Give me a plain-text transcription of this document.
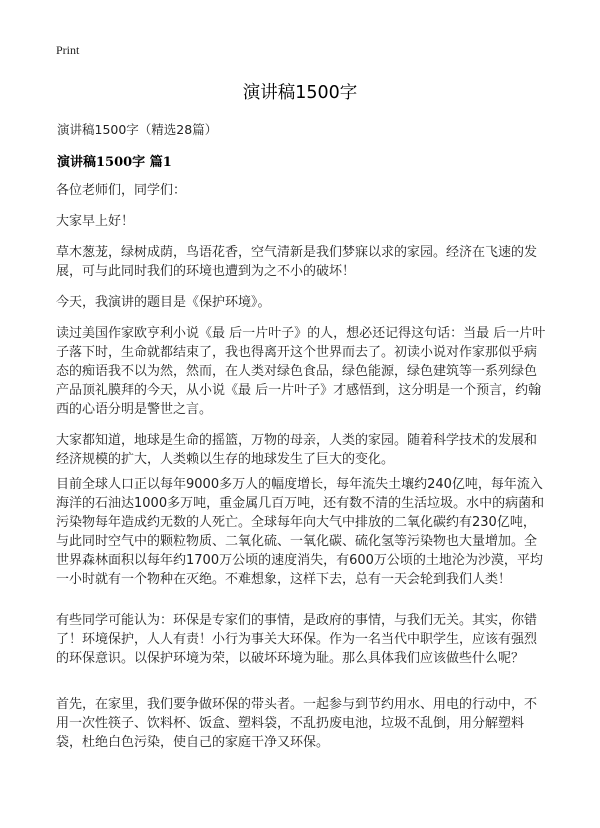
Print
演讲稿1500字
演讲稿1500字（精选28篇）
演讲稿1500字 篇1

各位老师们，同学们：

大家早上好！

草木葱茏，绿树成荫，鸟语花香，空气清新是我们梦寐以求的家园。经济在飞速的发展，可与此同时我们的环境也遭到为之不小的破坏！

今天，我演讲的题目是《保护环境》。

读过美国作家欧亨利小说《最 后一片叶子》的人，想必还记得这句话：当最 后一片叶子落下时，生命就都结束了，我也得离开这个世界而去了。初读小说对作家那似乎病态的痴语我不以为然，然而，在人类对绿色食品，绿色能源，绿色建筑等一系列绿色产品顶礼膜拜的今天，从小说《最 后一片叶子》才感悟到，这分明是一个预言，约翰西的心语分明是警世之言。

大家都知道，地球是生命的摇篮，万物的母亲，人类的家园。随着科学技术的发展和经济规模的扩大，人类赖以生存的地球发生了巨大的变化。

目前全球人口正以每年9000多万人的幅度增长，每年流失土壤约240亿吨，每年流入海洋的石油达1000多万吨，重金属几百万吨，还有数不清的生活垃圾。水中的病菌和污染物每年造成约无数的人死亡。全球每年向大气中排放的二氧化碳约有230亿吨，与此同时空气中的颗粒物质、二氧化硫、一氧化碳、硫化氢等污染物也大量增加。全世界森林面积以每年约1700万公顷的速度消失，有600万公顷的土地沦为沙漠，平均一小时就有一个物种在灭绝。不难想象，这样下去，总有一天会轮到我们人类！

有些同学可能认为：环保是专家们的事情，是政府的事情，与我们无关。其实，你错了！环境保护，人人有责！小行为事关大环保。作为一名当代中职学生，应该有强烈的环保意识。以保护环境为荣，以破坏环境为耻。那么具体我们应该做些什么呢？

首先，在家里，我们要争做环保的带头者。一起参与到节约用水、用电的行动中，不用一次性筷子、饮料杯、饭盒、塑料袋，不乱扔废电池，垃圾不乱倒，用分解塑料袋，杜绝白色污染，使自己的家庭干净又环保。
